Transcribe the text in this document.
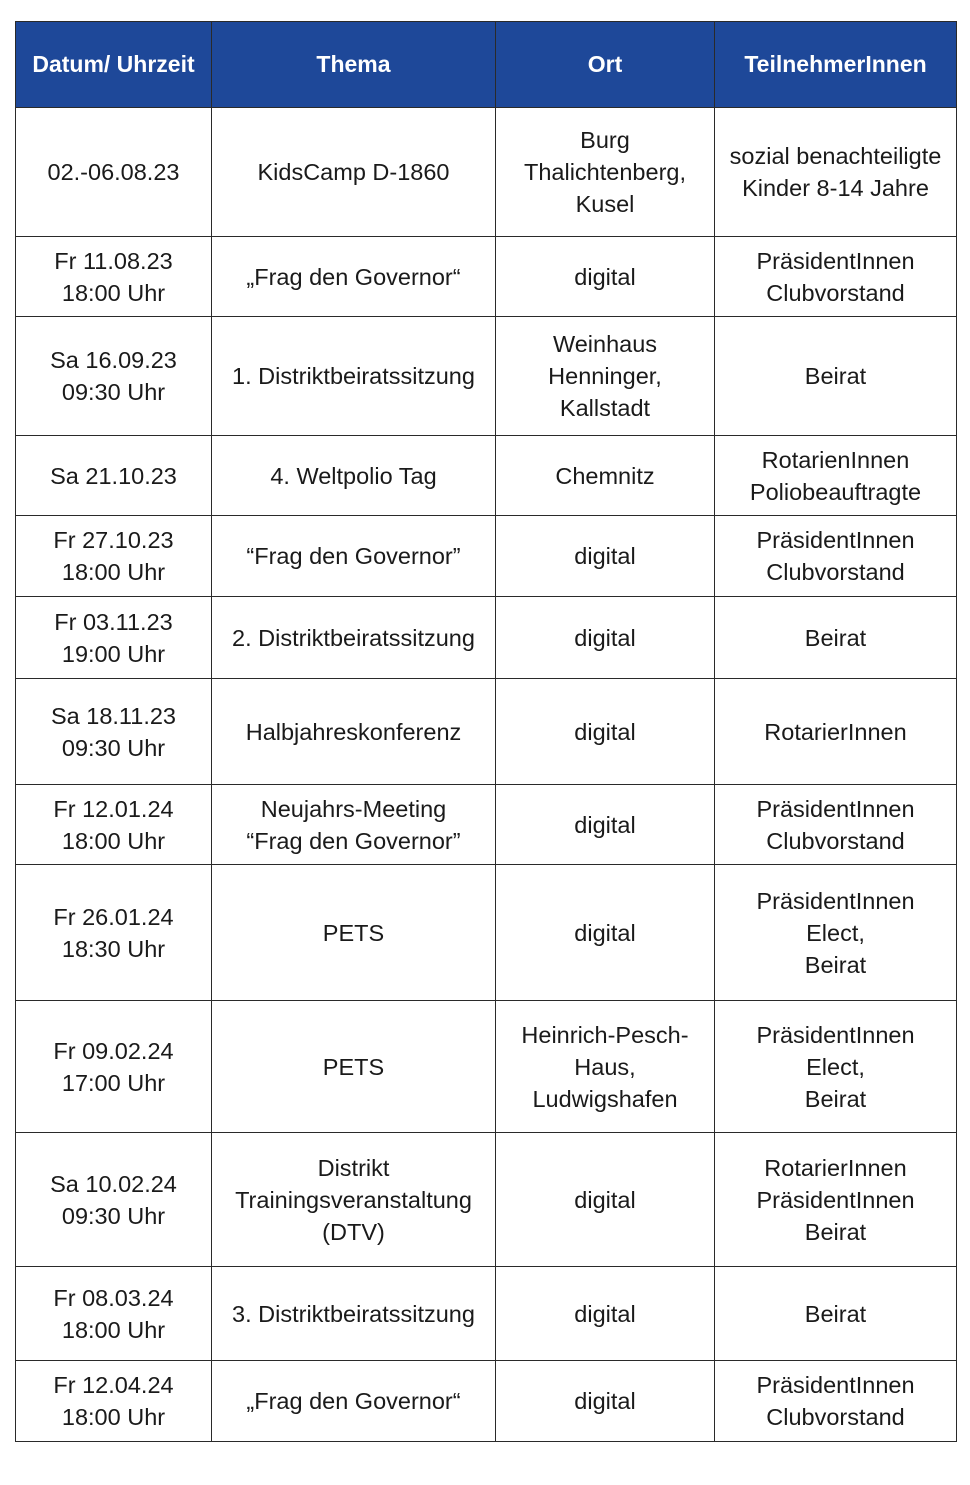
Datum/ Uhrzeit	Thema	Ort	TeilnehmerInnen

02.-06.08.23	KidsCamp D-1860	Burg
Thalichtenberg,
Kusel	sozial benachteiligte
Kinder 8-14 Jahre

Fr 11.08.23
18:00 Uhr	„Frag den Governor“	digital	PräsidentInnen
Clubvorstand

Sa 16.09.23
09:30 Uhr	1. Distriktbeiratssitzung	Weinhaus
Henninger,
Kallstadt	Beirat

Sa 21.10.23	4. Weltpolio Tag	Chemnitz	RotarienInnen
Poliobeauftragte

Fr 27.10.23
18:00 Uhr	“Frag den Governor”	digital	PräsidentInnen
Clubvorstand

Fr 03.11.23
19:00 Uhr	2. Distriktbeiratssitzung	digital	Beirat

Sa 18.11.23
09:30 Uhr	Halbjahreskonferenz	digital	RotarierInnen

Fr 12.01.24
18:00 Uhr	Neujahrs-Meeting
“Frag den Governor”	digital	PräsidentInnen
Clubvorstand

Fr 26.01.24
18:30 Uhr	PETS	digital	PräsidentInnen
Elect,
Beirat

Fr 09.02.24
17:00 Uhr	PETS	Heinrich-Pesch-
Haus,
Ludwigshafen	PräsidentInnen
Elect,
Beirat

Sa 10.02.24
09:30 Uhr	Distrikt
Trainingsveranstaltung
(DTV)	digital	RotarierInnen
PräsidentInnen
Beirat

Fr 08.03.24
18:00 Uhr	3. Distriktbeiratssitzung	digital	Beirat

Fr 12.04.24
18:00 Uhr	„Frag den Governor“	digital	PräsidentInnen
Clubvorstand
